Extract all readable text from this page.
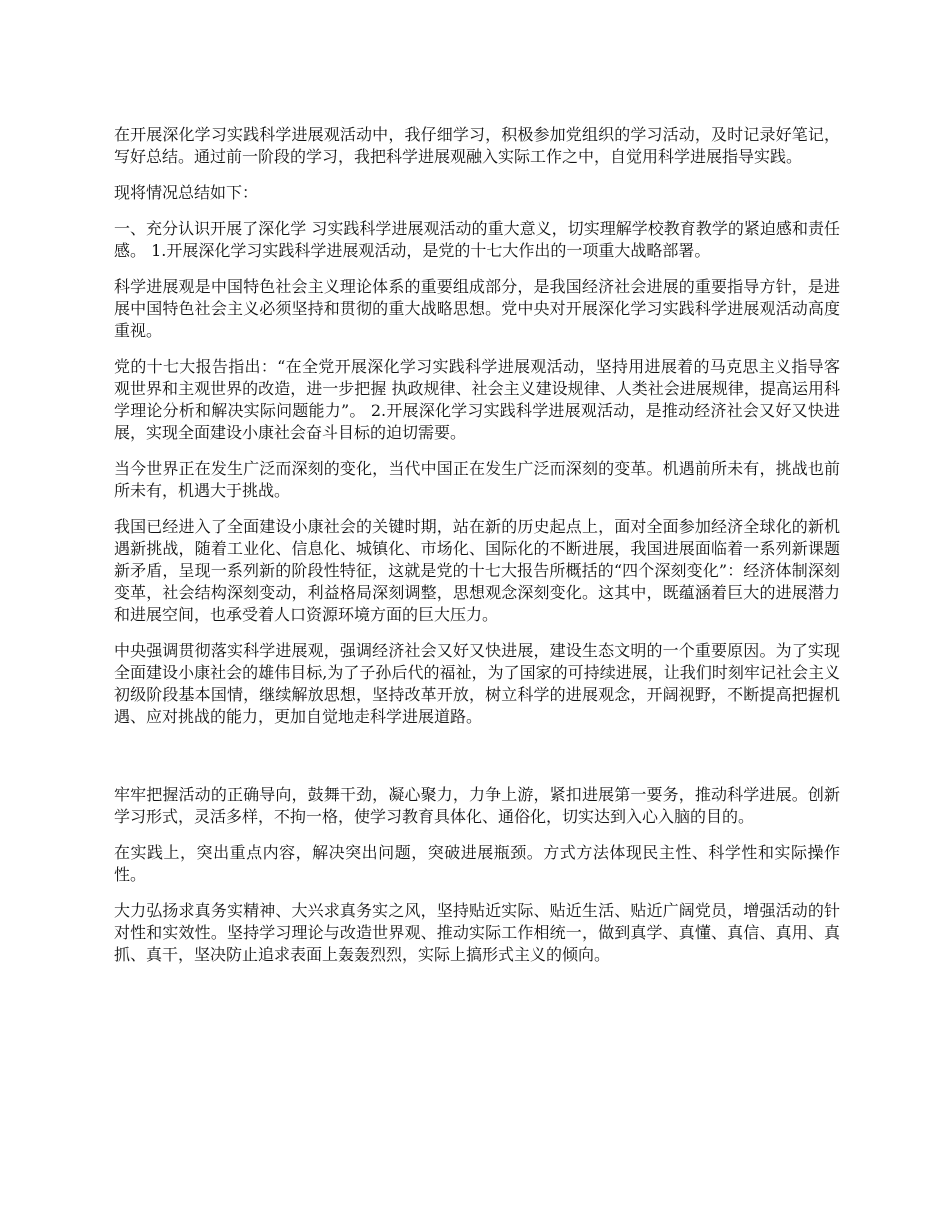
在开展深化学习实践科学进展观活动中，我仔细学习，积极参加党组织的学习活动，及时记录好笔记，写好总结。通过前一阶段的学习，我把科学进展观融入实际工作之中，自觉用科学进展指导实践。

现将情况总结如下：

一、充分认识开展了深化学 习实践科学进展观活动的重大意义，切实理解学校教育教学的紧迫感和责任感。 1.开展深化学习实践科学进展观活动，是党的十七大作出的一项重大战略部署。

科学进展观是中国特色社会主义理论体系的重要组成部分，是我国经济社会进展的重要指导方针，是进展中国特色社会主义必须坚持和贯彻的重大战略思想。党中央对开展深化学习实践科学进展观活动高度重视。

党的十七大报告指出：“在全党开展深化学习实践科学进展观活动，坚持用进展着的马克思主义指导客观世界和主观世界的改造，进一步把握 执政规律、社会主义建设规律、人类社会进展规律，提高运用科学理论分析和解决实际问题能力”。 2.开展深化学习实践科学进展观活动，是推动经济社会又好又快进展，实现全面建设小康社会奋斗目标的迫切需要。

当今世界正在发生广泛而深刻的变化，当代中国正在发生广泛而深刻的变革。机遇前所未有，挑战也前所未有，机遇大于挑战。

我国已经进入了全面建设小康社会的关键时期，站在新的历史起点上，面对全面参加经济全球化的新机遇新挑战，随着工业化、信息化、城镇化、市场化、国际化的不断进展，我国进展面临着一系列新课题新矛盾，呈现一系列新的阶段性特征，这就是党的十七大报告所概括的“四个深刻变化”：经济体制深刻变革，社会结构深刻变动，利益格局深刻调整，思想观念深刻变化。这其中，既蕴涵着巨大的进展潜力和进展空间，也承受着人口资源环境方面的巨大压力。

中央强调贯彻落实科学进展观，强调经济社会又好又快进展，建设生态文明的一个重要原因。为了实现全面建设小康社会的雄伟目标,为了子孙后代的福祉，为了国家的可持续进展，让我们时刻牢记社会主义初级阶段基本国情，继续解放思想，坚持改革开放，树立科学的进展观念，开阔视野，不断提高把握机遇、应对挑战的能力，更加自觉地走科学进展道路。

牢牢把握活动的正确导向，鼓舞干劲，凝心聚力，力争上游，紧扣进展第一要务，推动科学进展。创新学习形式，灵活多样，不拘一格，使学习教育具体化、通俗化，切实达到入心入脑的目的。

在实践上，突出重点内容，解决突出问题，突破进展瓶颈。方式方法体现民主性、科学性和实际操作性。

大力弘扬求真务实精神、大兴求真务实之风，坚持贴近实际、贴近生活、贴近广阔党员，增强活动的针对性和实效性。坚持学习理论与改造世界观、推动实际工作相统一，做到真学、真懂、真信、真用、真抓、真干，坚决防止追求表面上轰轰烈烈，实际上搞形式主义的倾向。
